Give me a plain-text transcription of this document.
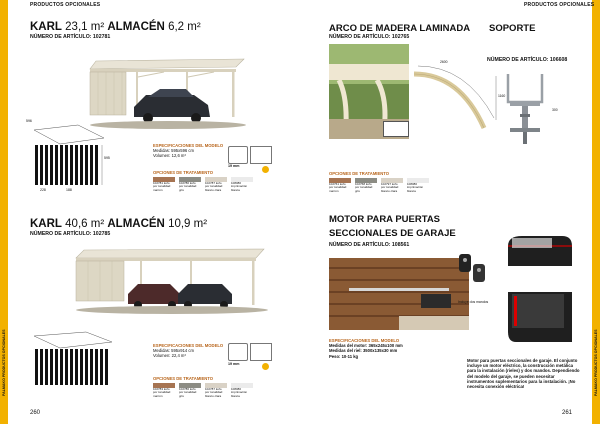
PALMAKO PRODUCTOS OPCIONALES	PALMAKO PRODUCTOS OPCIONALES
PRODUCTOS OPCIONALES	PRODUCTOS OPCIONALES
KARL 23,1 m² ALMACÉN 6,2 m²
NÚMERO DE ARTÍCULO: 102781
596
595
228	188
ESPECIFICACIONES DEL MODELO
Medidas: 595x596 cm
Volumen: 12,6 m³
19 mm
OPCIONES DE TRATAMIENTO
102781 kofo
por tonalidad
marrón
102780 kofo
por tonalidad
gris
102787 kofo
por tonalidad
blanco clara
108080
imprimación
blanca
KARL 40,6 m² ALMACÉN 10,9 m²
NÚMERO DE ARTÍCULO: 102785
ESPECIFICACIONES DEL MODELO
Medidas: 595x914 cm
Volumen: 22,4 m³
19 mm
OPCIONES DE TRATAMIENTO
102783 kofo
por tonalidad
marrón
102786 kofo
por tonalidad
gris
102787 kofo
por tonalidad
blanco clara
108080
imprimación
blanca
260
ARCO DE MADERA LAMINADA
NÚMERO DE ARTÍCULO: 102765
2600
1160
OPCIONES DE TRATAMIENTO
102761 kofo
por tonalidad
marrón
102768 kofo
por tonalidad
gris
102797 kofo
por tonalidad
blanco clara
108080
imprimación
blanca
SOPORTE
NÚMERO DE ARTÍCULO: 106608
300
MOTOR PARA PUERTAS
SECCIONALES DE GARAJE
NÚMERO DE ARTÍCULO: 108561
Incluye dos mandos
ESPECIFICACIONES DEL MODELO
Medidas del motor: 365x245x100 mm
Medidas del riel: 3500x135x30 mm
Peso: 10-11 kg
Motor para puertas seccionales de garaje. El conjunto incluye un motor eléctrico, la construcción metálica para la instalación (rieles) y dos mandos. Dependiendo del modelo del garaje, se pueden necesitar instrumentos suplementarios para la instalación. ¡No necesita conexión eléctrica!
261
